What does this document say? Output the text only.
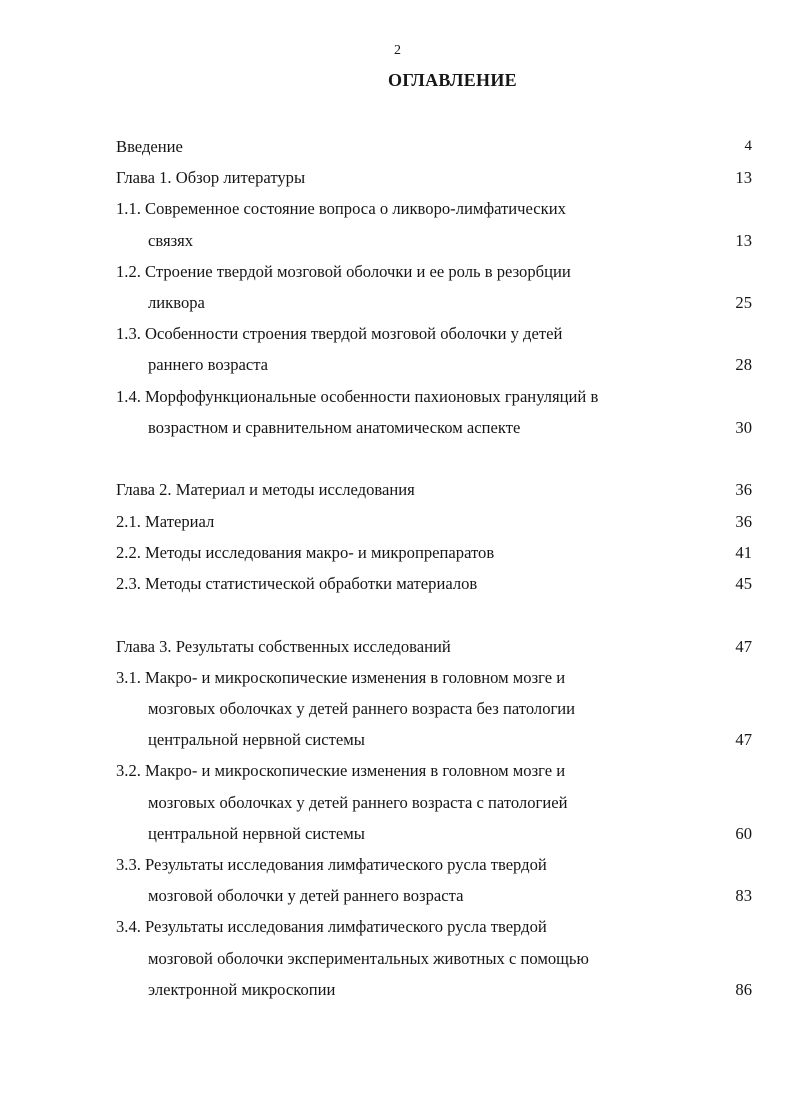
2
ОГЛАВЛЕНИЕ
Введение	4
Глава 1. Обзор литературы	13
1.1. Современное состояние вопроса о ликворо-лимфатических
связях	13
1.2. Строение твердой мозговой оболочки и ее роль в резорбции
ликвора	25
1.3. Особенности строения твердой мозговой оболочки у детей
раннего возраста	28
1.4. Морфофункциональные особенности пахионовых грануляций в
возрастном и сравнительном анатомическом аспекте	30
Глава 2. Материал и методы исследования	36
2.1. Материал	36
2.2. Методы исследования макро- и микропрепаратов	41
2.3. Методы статистической обработки материалов	45
Глава 3. Результаты собственных исследований	47
3.1. Макро- и микроскопические изменения в головном мозге и
мозговых оболочках у детей раннего возраста без патологии
центральной нервной системы	47
3.2. Макро- и микроскопические изменения в головном мозге и
мозговых оболочках у детей раннего возраста с патологией
центральной нервной системы	60
3.3. Результаты исследования лимфатического русла твердой
мозговой оболочки у детей раннего возраста	83
3.4. Результаты исследования лимфатического русла твердой
мозговой оболочки экспериментальных животных с помощью
электронной микроскопии	86
